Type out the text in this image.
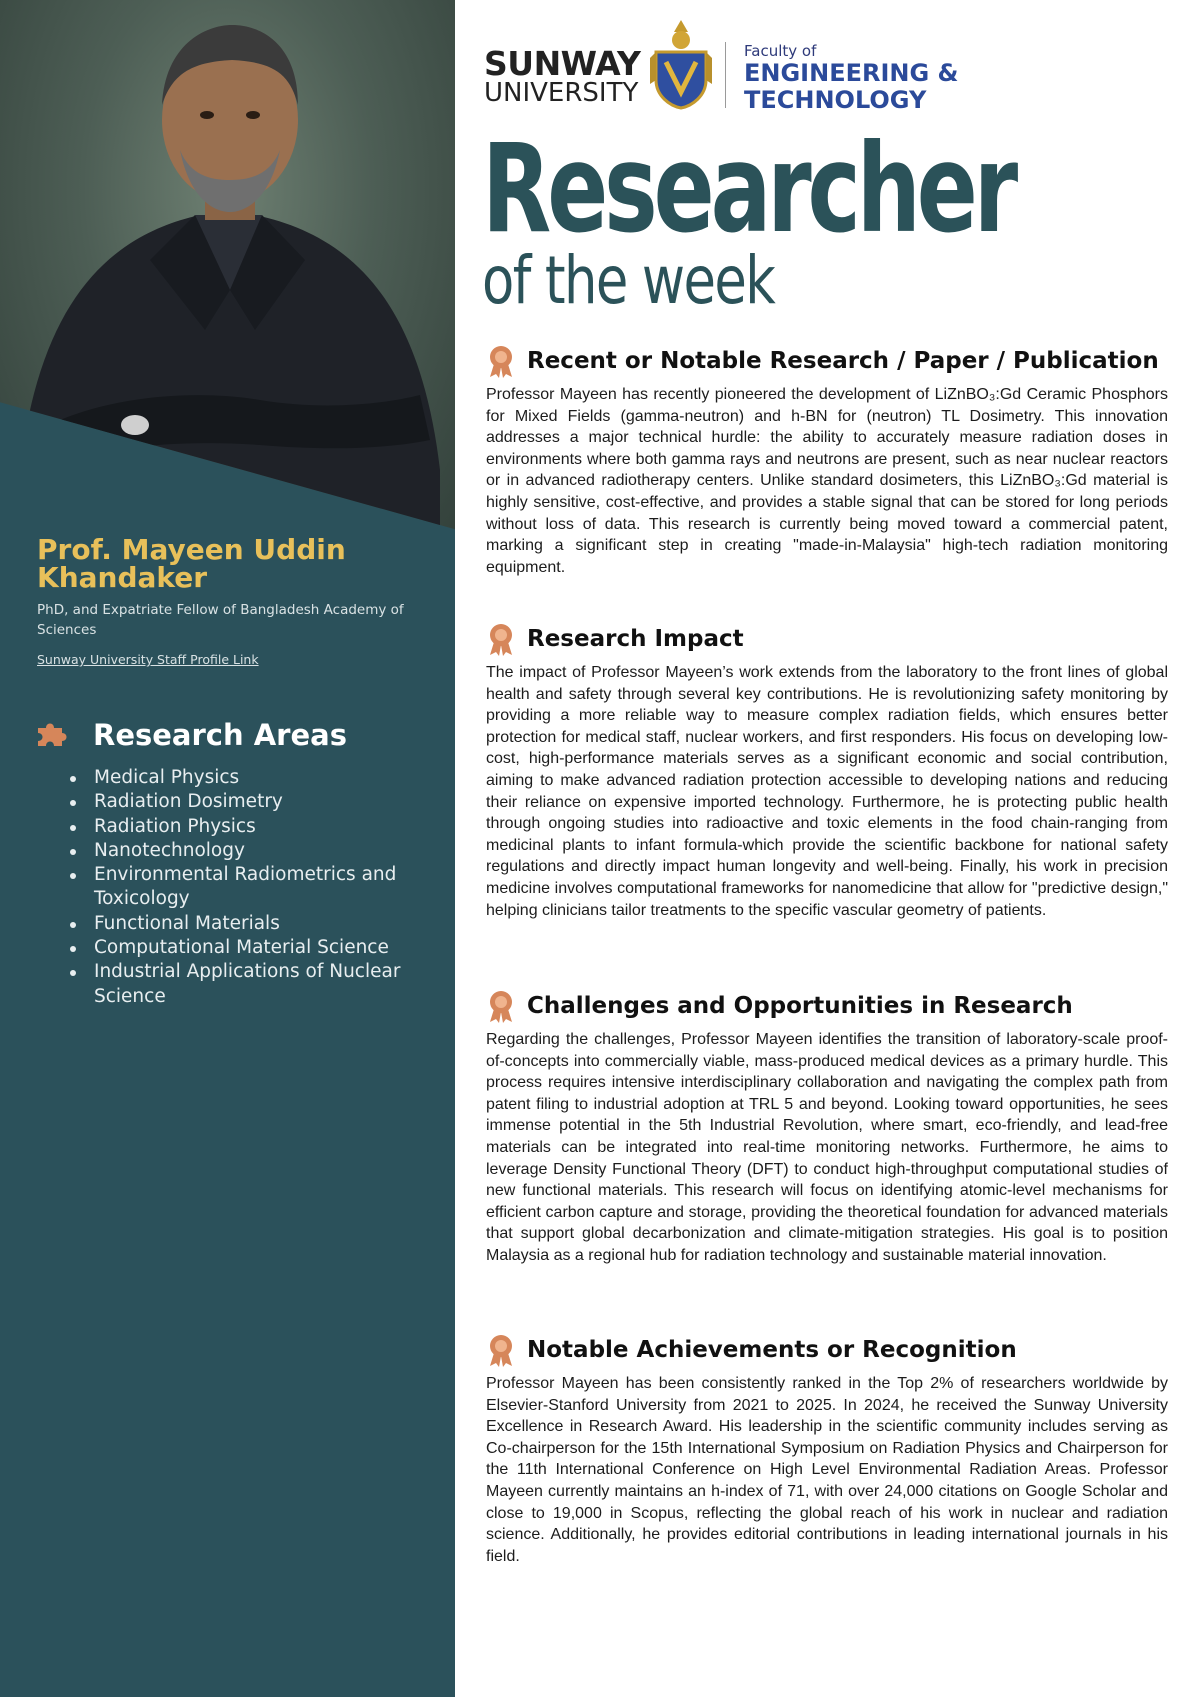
Prof. Mayeen Uddin Khandaker
PhD, and Expatriate Fellow of Bangladesh Academy of Sciences
Sunway University Staff Profile Link
Research Areas
Medical Physics
Radiation Dosimetry
Radiation Physics
Nanotechnology
Environmental Radiometrics and Toxicology
Functional Materials
Computational Material Science
Industrial Applications of Nuclear Science
SUNWAY
UNIVERSITY
Faculty of
ENGINEERING & TECHNOLOGY
Researcher
of the week
Recent or Notable Research / Paper / Publication

Professor Mayeen has recently pioneered the development of LiZnBO₃:Gd Ceramic Phosphors for Mixed Fields (gamma-neutron) and h-BN for (neutron) TL Dosimetry. This innovation addresses a major technical hurdle: the ability to accurately measure radiation doses in environments where both gamma rays and neutrons are present, such as near nuclear reactors or in advanced radiotherapy centers. Unlike standard dosimeters, this LiZnBO₃:Gd material is highly sensitive, cost-effective, and provides a stable signal that can be stored for long periods without loss of data. This research is currently being moved toward a commercial patent, marking a significant step in creating "made-in-Malaysia" high-tech radiation monitoring equipment.

Research Impact

The impact of Professor Mayeen’s work extends from the laboratory to the front lines of global health and safety through several key contributions. He is revolutionizing safety monitoring by providing a more reliable way to measure complex radiation fields, which ensures better protection for medical staff, nuclear workers, and first responders. His focus on developing low-cost, high-performance materials serves as a significant economic and social contribution, aiming to make advanced radiation protection accessible to developing nations and reducing their reliance on expensive imported technology. Furthermore, he is protecting public health through ongoing studies into radioactive and toxic elements in the food chain-ranging from medicinal plants to infant formula-which provide the scientific backbone for national safety regulations and directly impact human longevity and well-being. Finally, his work in precision medicine involves computational frameworks for nanomedicine that allow for "predictive design," helping clinicians tailor treatments to the specific vascular geometry of patients.

Challenges and Opportunities in Research

Regarding the challenges, Professor Mayeen identifies the transition of laboratory-scale proof-of-concepts into commercially viable, mass-produced medical devices as a primary hurdle. This process requires intensive interdisciplinary collaboration and navigating the complex path from patent filing to industrial adoption at TRL 5 and beyond. Looking toward opportunities, he sees immense potential in the 5th Industrial Revolution, where smart, eco-friendly, and lead-free materials can be integrated into real-time monitoring networks. Furthermore, he aims to leverage Density Functional Theory (DFT) to conduct high-throughput computational studies of new functional materials. This research will focus on identifying atomic-level mechanisms for efficient carbon capture and storage, providing the theoretical foundation for advanced materials that support global decarbonization and climate-mitigation strategies. His goal is to position Malaysia as a regional hub for radiation technology and sustainable material innovation.

Notable Achievements or Recognition

Professor Mayeen has been consistently ranked in the Top 2% of researchers worldwide by Elsevier-Stanford University from 2021 to 2025. In 2024, he received the Sunway University Excellence in Research Award. His leadership in the scientific community includes serving as Co-chairperson for the 15th International Symposium on Radiation Physics and Chairperson for the 11th International Conference on High Level Environmental Radiation Areas. Professor Mayeen currently maintains an h-index of 71, with over 24,000 citations on Google Scholar and close to 19,000 in Scopus, reflecting the global reach of his work in nuclear and radiation science. Additionally, he provides editorial contributions in leading international journals in his field.
